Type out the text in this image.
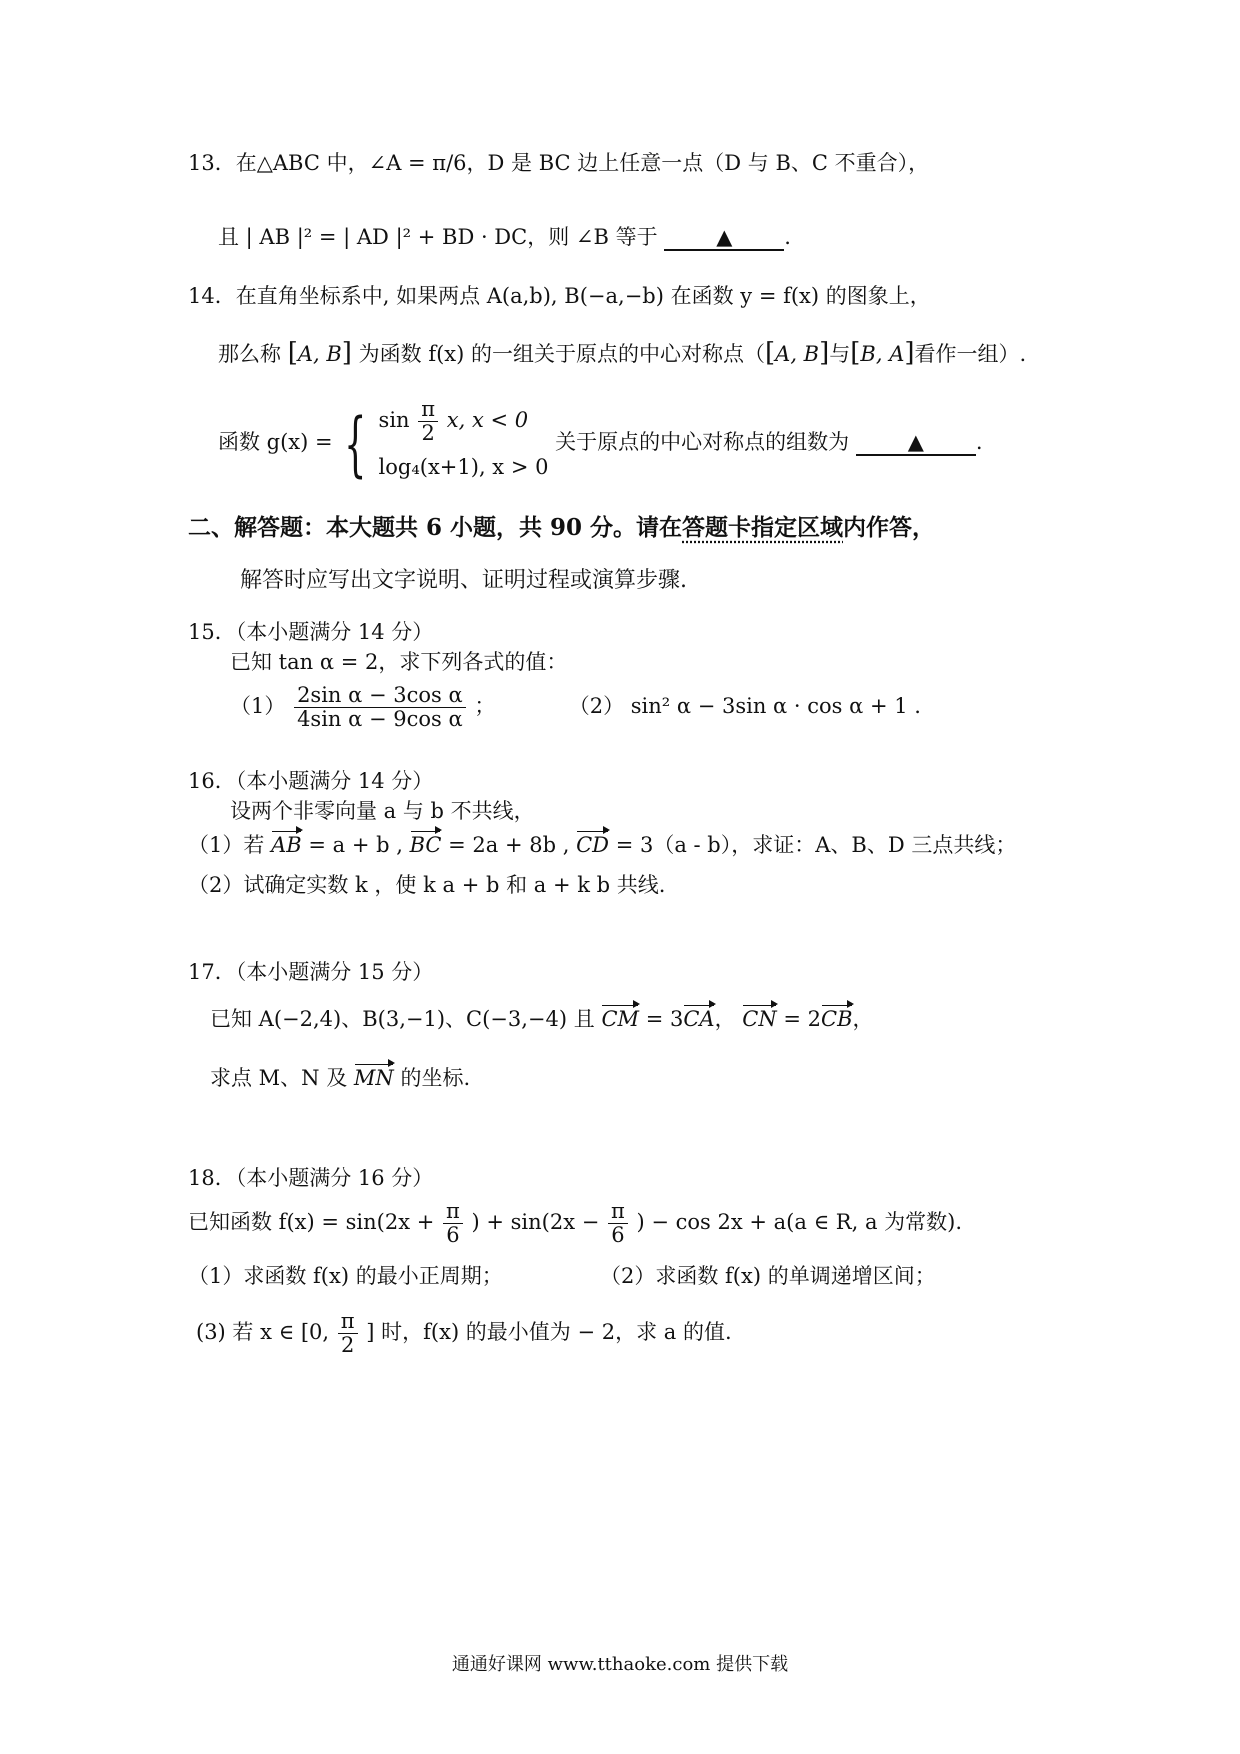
13．在△ABC 中，∠A = π/6，D 是 BC 边上任意一点（D 与 B、C 不重合），
且 | AB |² = | AD |² + BD · DC，则 ∠B 等于	▲ .
14．在直角坐标系中, 如果两点 A(a,b), B(−a,−b) 在函数 y = f(x) 的图象上，
那么称 [A, B] 为函数 f(x) 的一组关于原点的中心对称点（[A, B]与[B, A]看作一组）.
函数 g(x) = { $\sin \frac{\pi}{2} x$, x < 0
log₄(x+1), x > 0
关于原点的中心对称点的组数为	▲ .
二、解答题：本大题共 6 小题，共 90 分。请在答题卡指定区域内作答，
解答时应写出文字说明、证明过程或演算步骤.
15．（本小题满分 14 分）
已知 tan α = 2，求下列各式的值：
$(1) \frac{\text{2sin α − 3cos α}}{\text{4sin α − 9cos α}}$ ；	（2） sin² α − 3sin α · cos α + 1 .
16．（本小题满分 14 分）
设两个非零向量 a 与 b 不共线，
（1）若 AB = a + b , BC = 2a + 8b , CD = 3（a - b），求证：A、B、D 三点共线；
（2）试确定实数 k ，使 k a + b 和 a + k b 共线.
17．（本小题满分 15 分）
已知 A(−2,4)、B(3,−1)、C(−3,−4) 且 CM = 3CA， CN = 2CB，
求点 M、N 及 MN 的坐标.
18．（本小题满分 16 分）
已知函数 $f(x) = \sin(2x + \frac{\pi}{6}$ ) + $\sin(2x - \frac{\pi}{6}$ ) − cos 2x + a(a ∈ R, a 为常数).
（1）求函数 f(x) 的最小正周期；	（2）求函数 f(x) 的单调递增区间；
(3) 若 x ∈ [0, $\frac{\pi}{2}$ ] 时，f(x) 的最小值为 − 2，求 a 的值.
通通好课网 www.tthaoke.com 提供下载
